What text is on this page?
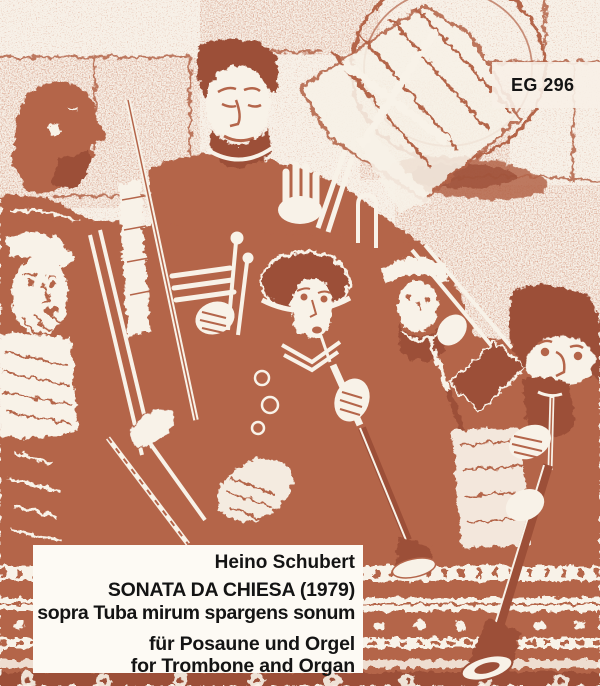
EG 296
Heino Schubert
SONATA DA CHIESA (1979)
sopra Tuba mirum spargens sonum
für Posaune und Orgel
for Trombone and Organ
